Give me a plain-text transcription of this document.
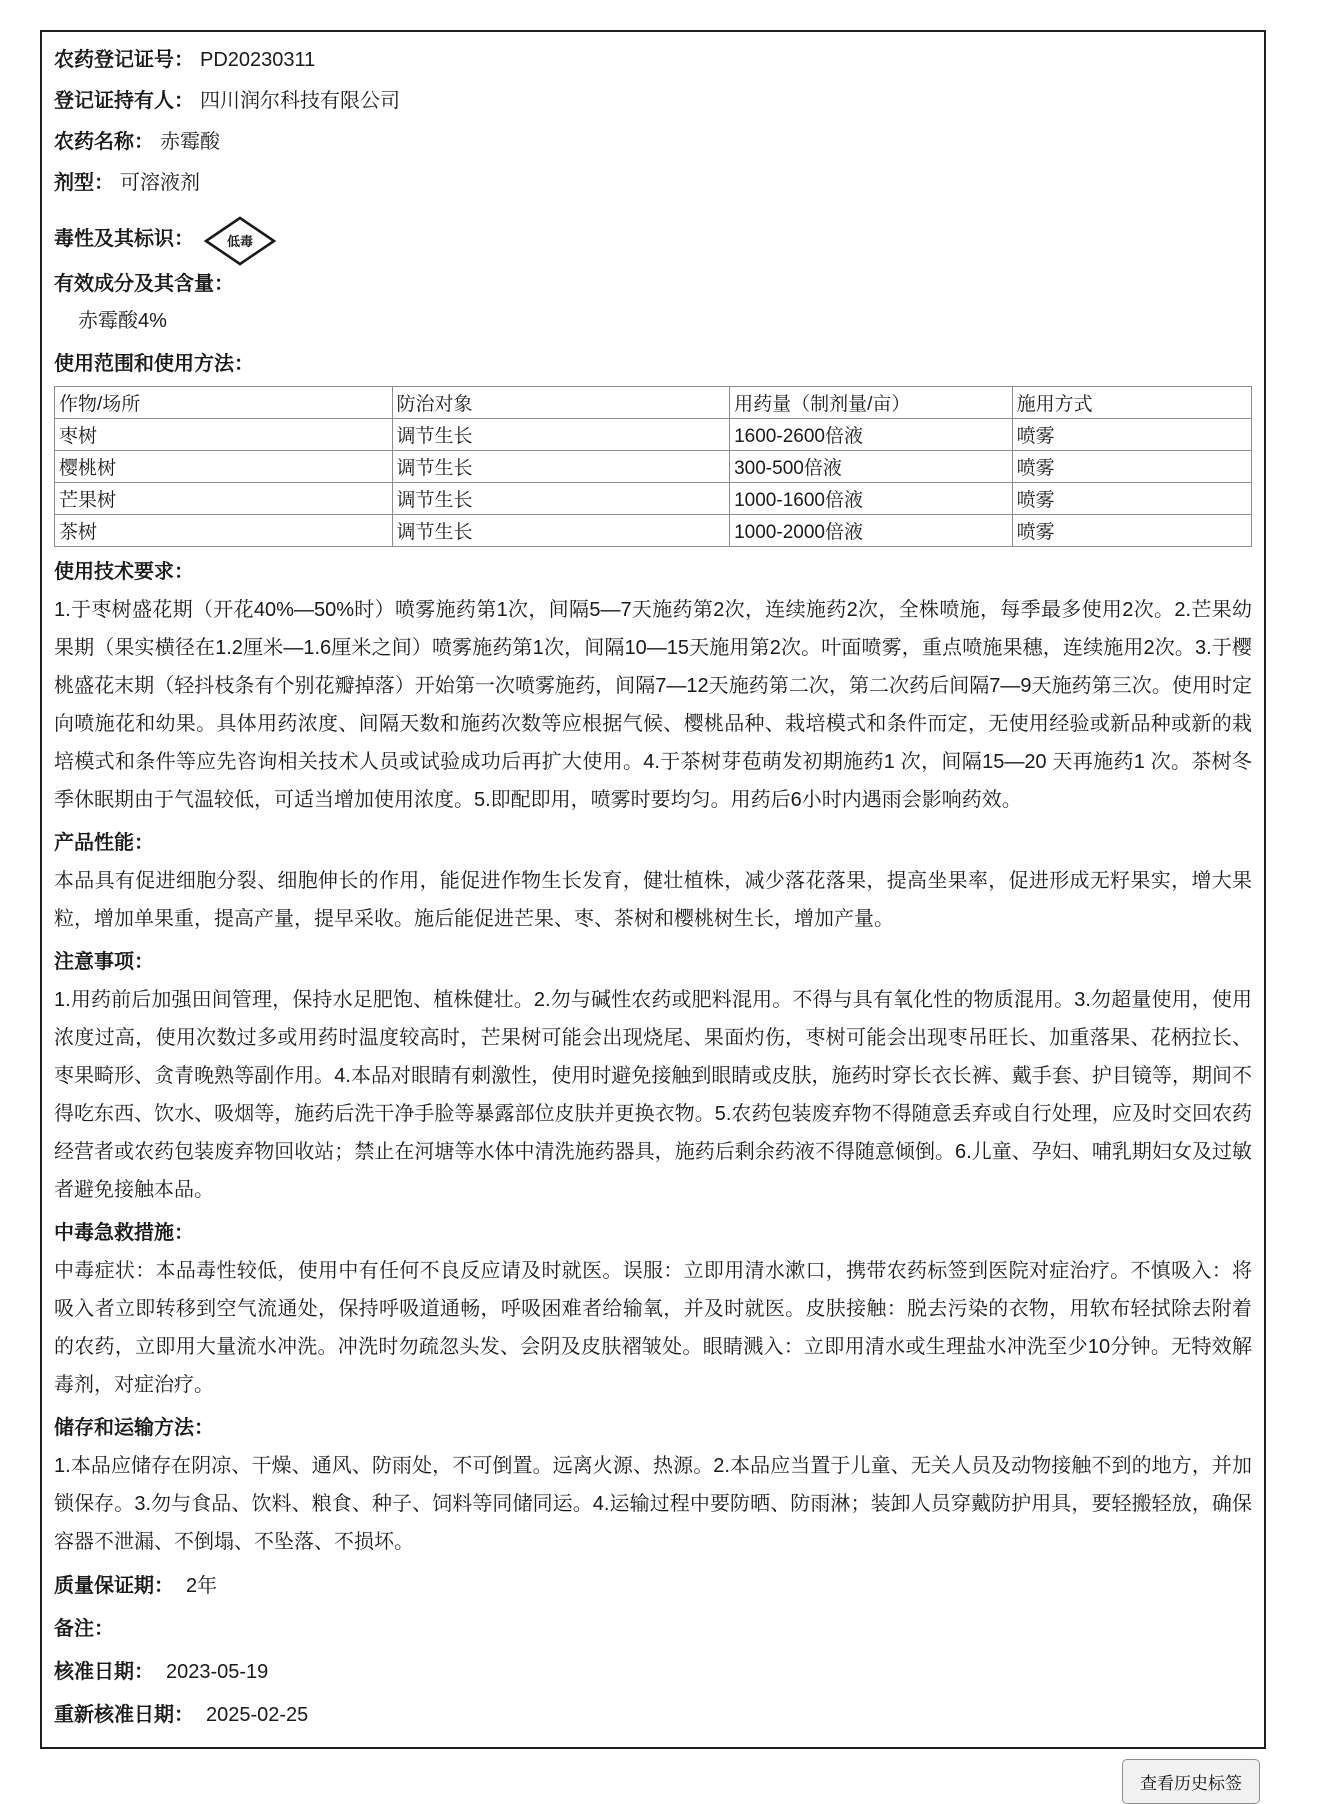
农药登记证号： PD20230311
登记证持有人： 四川润尔科技有限公司
农药名称： 赤霉酸
剂型： 可溶液剂
毒性及其标识：	低毒
有效成分及其含量：
赤霉酸4%
使用范围和使用方法：
作物/场所	防治对象	用药量（制剂量/亩）	施用方式
枣树	调节生长	1600-2600倍液	喷雾
樱桃树	调节生长	300-500倍液	喷雾
芒果树	调节生长	1000-1600倍液	喷雾
茶树	调节生长	1000-2000倍液	喷雾
使用技术要求：

1.于枣树盛花期（开花40%—50%时）喷雾施药第1次，间隔5—7天施药第2次，连续施药2次，全株喷施，每季最多使用2次。2.芒果幼果期（果实横径在1.2厘米—1.6厘米之间）喷雾施药第1次，间隔10—15天施用第2次。叶面喷雾，重点喷施果穗，连续施用2次。3.于樱桃盛花末期（轻抖枝条有个别花瓣掉落）开始第一次喷雾施药，间隔7—12天施药第二次，第二次药后间隔7—9天施药第三次。使用时定向喷施花和幼果。具体用药浓度、间隔天数和施药次数等应根据气候、樱桃品种、栽培模式和条件而定，无使用经验或新品种或新的栽培模式和条件等应先咨询相关技术人员或试验成功后再扩大使用。4.于茶树芽苞萌发初期施药1 次，间隔15—20 天再施药1 次。茶树冬季休眠期由于气温较低，可适当增加使用浓度。5.即配即用，喷雾时要均匀。用药后6小时内遇雨会影响药效。

产品性能：

本品具有促进细胞分裂、细胞伸长的作用，能促进作物生长发育，健壮植株，减少落花落果，提高坐果率，促进形成无籽果实，增大果粒，增加单果重，提高产量，提早采收。施后能促进芒果、枣、茶树和樱桃树生长，增加产量。

注意事项：

1.用药前后加强田间管理，保持水足肥饱、植株健壮。2.勿与碱性农药或肥料混用。不得与具有氧化性的物质混用。3.勿超量使用，使用浓度过高，使用次数过多或用药时温度较高时，芒果树可能会出现烧尾、果面灼伤，枣树可能会出现枣吊旺长、加重落果、花柄拉长、枣果畸形、贪青晚熟等副作用。4.本品对眼睛有刺激性，使用时避免接触到眼睛或皮肤，施药时穿长衣长裤、戴手套、护目镜等，期间不得吃东西、饮水、吸烟等，施药后洗干净手脸等暴露部位皮肤并更换衣物。5.农药包装废弃物不得随意丢弃或自行处理，应及时交回农药经营者或农药包装废弃物回收站；禁止在河塘等水体中清洗施药器具，施药后剩余药液不得随意倾倒。6.儿童、孕妇、哺乳期妇女及过敏者避免接触本品。

中毒急救措施：

中毒症状：本品毒性较低，使用中有任何不良反应请及时就医。误服：立即用清水漱口，携带农药标签到医院对症治疗。不慎吸入：将吸入者立即转移到空气流通处，保持呼吸道通畅，呼吸困难者给输氧，并及时就医。皮肤接触：脱去污染的衣物，用软布轻拭除去附着的农药，立即用大量流水冲洗。冲洗时勿疏忽头发、会阴及皮肤褶皱处。眼睛溅入：立即用清水或生理盐水冲洗至少10分钟。无特效解毒剂，对症治疗。

储存和运输方法：

1.本品应储存在阴凉、干燥、通风、防雨处，不可倒置。远离火源、热源。2.本品应当置于儿童、无关人员及动物接触不到的地方，并加锁保存。3.勿与食品、饮料、粮食、种子、饲料等同储同运。4.运输过程中要防晒、防雨淋；装卸人员穿戴防护用具，要轻搬轻放，确保容器不泄漏、不倒塌、不坠落、不损坏。

质量保证期： 2年
备注：
核准日期： 2023-05-19
重新核准日期： 2025-02-25
查看历史标签
